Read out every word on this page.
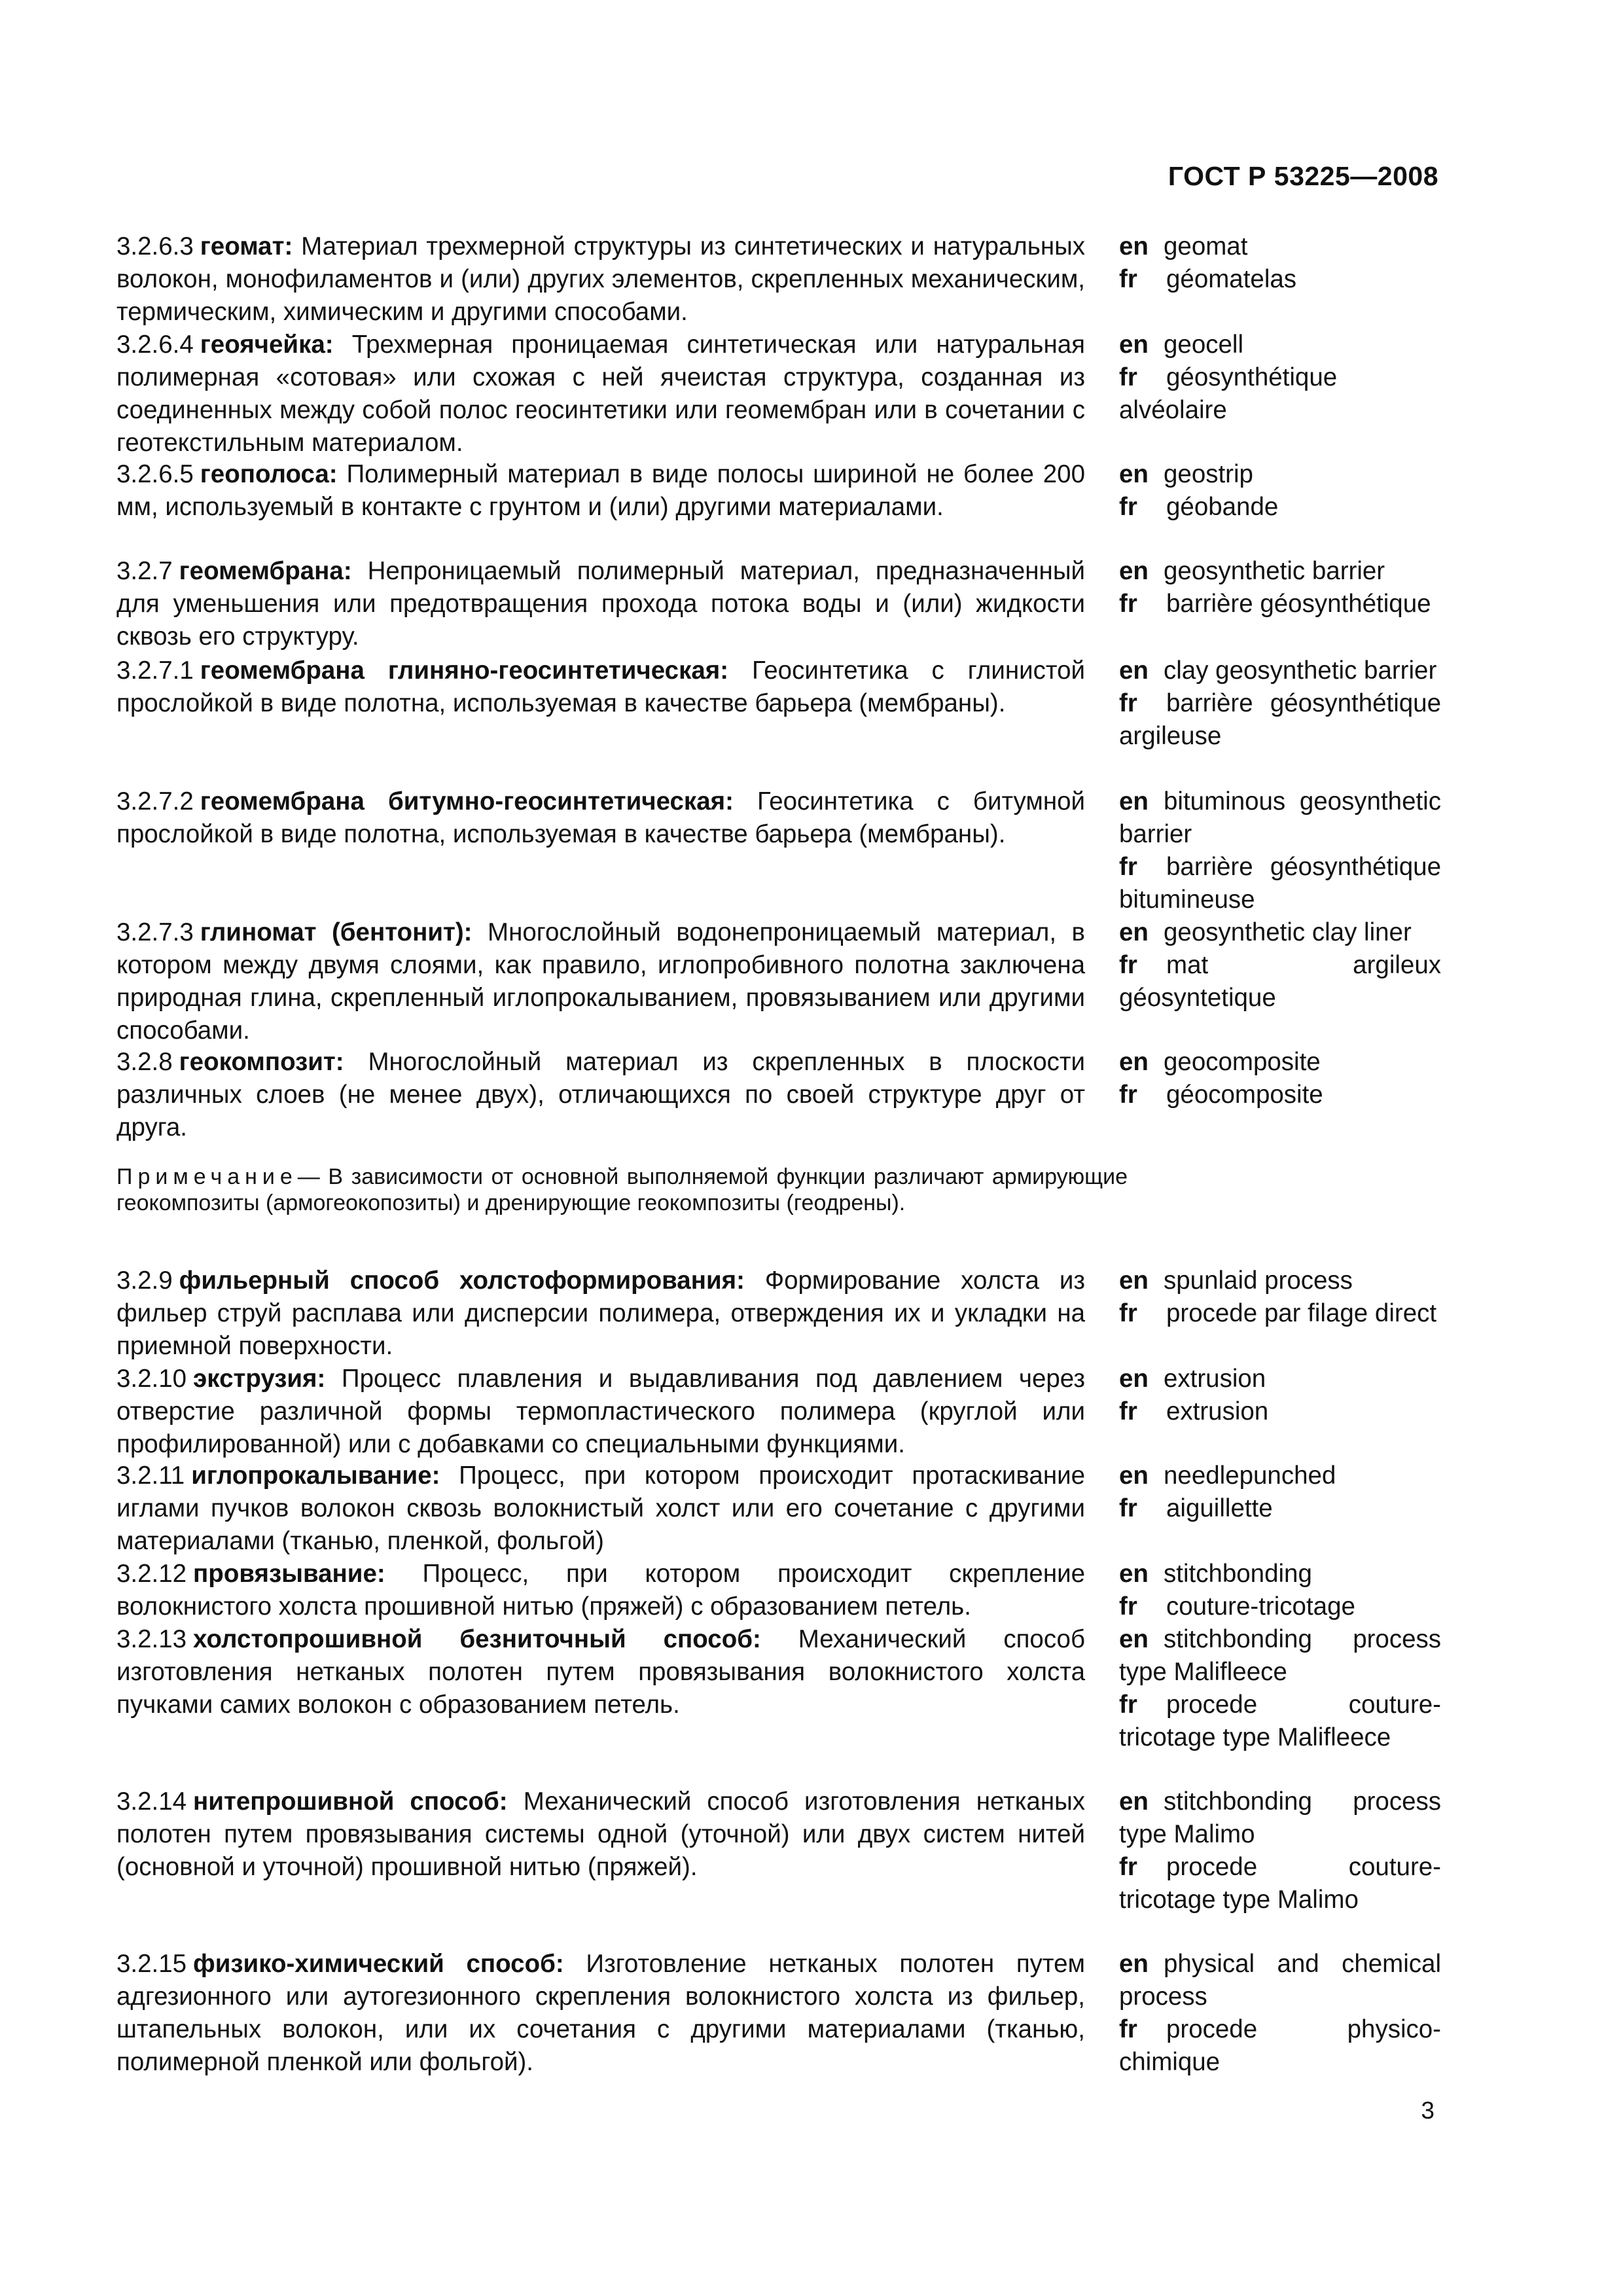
ГОСТ Р 53225—2008

3.2.6.3 геомат: Материал трехмерной структуры из синтетических и натуральных волокон, монофиламентов и (или) других элементов, скрепленных механическим, термическим, химическим и другими способами.

en geomat

fr géomatelas

3.2.6.4 геоячейка: Трехмерная проницаемая синтетическая или натуральная полимерная «сотовая» или схожая с ней ячеистая структура, созданная из соединенных между собой полос геосинтетики или геомембран или в сочетании с геотекстильным материалом.

en geocell

fr géosynthétique alvéolaire

3.2.6.5 геополоса: Полимерный материал в виде полосы шириной не более 200 мм, используемый в контакте с грунтом и (или) другими материалами.

en geostrip

fr géobande

3.2.7 геомембрана: Непроницаемый полимерный материал, предназначенный для уменьшения или предотвращения прохода потока воды и (или) жидкости сквозь его структуру.

en geosynthetic barrier

fr barrière géosynthétique

3.2.7.1 геомембрана глиняно-геосинтетическая: Геосинтетика с глинистой прослойкой в виде полотна, используемая в качестве барьера (мембраны).

en clay geosynthetic barrier

fr barrière géosynthétique argileuse

3.2.7.2 геомембрана битумно-геосинтетическая: Геосинтетика с битумной прослойкой в виде полотна, используемая в качестве барьера (мембраны).

en bituminous geosynthetic barrier

fr barrière géosynthétique bitumineuse

3.2.7.3 глиномат (бентонит): Многослойный водонепроницаемый материал, в котором между двумя слоями, как правило, иглопробивного полотна заключена природная глина, скрепленный иглопрокалыванием, провязыванием или другими способами.

en geosynthetic clay liner

fr mat argileux géosyntetique

3.2.8 геокомпозит: Многослойный материал из скрепленных в плоскости различных слоев (не менее двух), отличающихся по своей структуре друг от друга.

en geocomposite

fr géocomposite

Примечание— В зависимости от основной выполняемой функции различают армирующие геокомпозиты (армогеокопозиты) и дренирующие геокомпозиты (геодрены).

3.2.9 фильерный способ холстоформирования: Формирование холста из фильер струй расплава или дисперсии полимера, отверждения их и укладки на приемной поверхности.

en spunlaid process

fr procede par filage direct

3.2.10 экструзия: Процесс плавления и выдавливания под давлением через отверстие различной формы термопластического полимера (круглой или профилированной) или с добавками со специальными функциями.

en extrusion

fr extrusion

3.2.11 иглопрокалывание: Процесс, при котором происходит протаскивание иглами пучков волокон сквозь волокнистый холст или его сочетание с другими материалами (тканью, пленкой, фольгой)

en needlepunched

fr aiguillette

3.2.12 провязывание: Процесс, при котором происходит скрепление волокнистого холста прошивной нитью (пряжей) с образованием петель.

en stitchbonding

fr couture-tricotage

3.2.13 холстопрошивной безниточный способ: Механический способ изготовления нетканых полотен путем провязывания волокнистого холста пучками самих волокон с образованием петель.

en stitchbonding process type Malifleece

fr procede couture-tricotage type Malifleece

3.2.14 нитепрошивной способ: Механический способ изготовления нетканых полотен путем провязывания системы одной (уточной) или двух систем нитей (основной и уточной) прошивной нитью (пряжей).

en stitchbonding process type Malimo

fr procede couture-tricotage type Malimo

3.2.15 физико-химический способ: Изготовление нетканых полотен путем адгезионного или аутогезионного скрепления волокнистого холста из фильер, штапельных волокон, или их сочетания с другими материалами (тканью, полимерной пленкой или фольгой).

en physical and chemical process

fr procede physico-chimique

3
